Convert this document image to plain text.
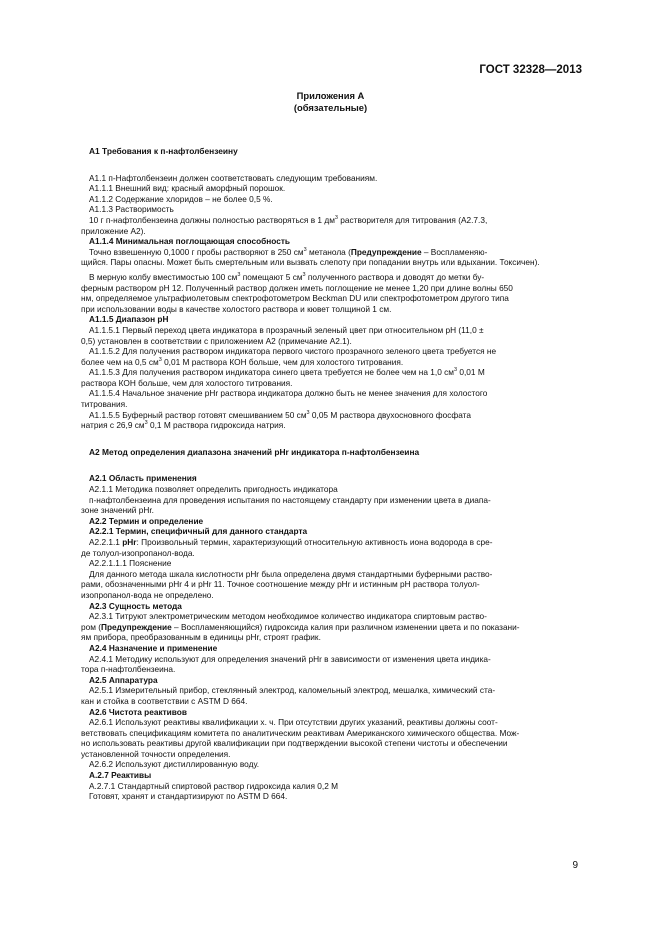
ГОСТ 32328—2013
Приложения А
(обязательные)

А1 Требования к п-нафтолбензеину

А1.1 п-Нафтолбензеин должен соответствовать следующим требованиям.

А1.1.1 Внешний вид: красный аморфный порошок.

А1.1.2 Содержание хлоридов – не более 0,5 %.

А1.1.3 Растворимость

10 г п-нафтолбензеина должны полностью растворяться в 1 $дм^3$ растворителя для титрования (А2.7.3,

приложение А2).

А1.1.4 Минимальная поглощающая способность

Точно взвешенную 0,1000 г пробы растворяют в 250 $см^3$ метанола (Предупреждение – Воспламеняю-

щийся. Пары опасны. Может быть смертельным или вызвать слепоту при попадании внутрь или вдыхании. Токсичен).

В мерную колбу вместимостью 100 $см^3$ помещают 5 $см^3$ полученного раствора и доводят до метки бу-

ферным раствором pH 12. Полученный раствор должен иметь поглощение не менее 1,20 при длине волны 650

нм, определяемое ультрафиолетовым спектрофотометром Beckman DU или спектрофотометром другого типа

при использовании воды в качестве холостого раствора и кювет толщиной 1 см.

А1.1.5 Диапазон pH

А1.1.5.1 Первый переход цвета индикатора в прозрачный зеленый цвет при относительном pH (11,0 ±

0,5) установлен в соответствии с приложением А2 (примечание А2.1).

А1.1.5.2 Для получения раствором индикатора первого чистого прозрачного зеленого цвета требуется не

более чем на 0,5 $см^3$ 0,01 М раствора КОН больше, чем для холостого титрования.

А1.1.5.3 Для получения раствором индикатора синего цвета требуется не более чем на 1,0 $см^3$ 0,01 М

раствора КОН больше, чем для холостого титрования.

А1.1.5.4 Начальное значение pHr раствора индикатора должно быть не менее значения для холостого

титрования.

А1.1.5.5 Буферный раствор готовят смешиванием 50 $см^3$ 0,05 М раствора двухосновного фосфата

натрия с 26,9 $см^3$ 0,1 М раствора гидроксида натрия.

А2 Метод определения диапазона значений pHr индикатора п-нафтолбензеина

А2.1 Область применения

А2.1.1 Методика позволяет определить пригодность индикатора

п-нафтолбензеина для проведения испытания по настоящему стандарту при изменении цвета в диапа-

зоне значений pHr.

А2.2 Термин и определение

А2.2.1 Термин, специфичный для данного стандарта

А2.2.1.1 pHr: Произвольный термин, характеризующий относительную активность иона водорода в сре-

де толуол-изопропанол-вода.

А2.2.1.1.1 Пояснение

Для данного метода шкала кислотности pHr была определена двумя стандартными буферными раство-

рами, обозначенными pHr 4 и pHr 11. Точное соотношение между pHr и истинным pH раствора толуол-

изопропанол-вода не определено.

А2.3 Сущность метода

А2.3.1 Титруют электрометрическим методом необходимое количество индикатора спиртовым раство-

ром (Предупреждение – Воспламеняющийся) гидроксида калия при различном изменении цвета и по показани-

ям прибора, преобразованным в единицы pHr, строят график.

А2.4 Назначение и применение

А2.4.1 Методику используют для определения значений pHr в зависимости от изменения цвета индика-

тора п-нафтолбензеина.

А2.5 Аппаратура

А2.5.1 Измерительный прибор, стеклянный электрод, каломельный электрод, мешалка, химический ста-

кан и стойка в соответствии с ASTM D 664.

А2.6 Чистота реактивов

А2.6.1 Используют реактивы квалификации х. ч. При отсутствии других указаний, реактивы должны соот-

ветствовать спецификациям комитета по аналитическим реактивам Американского химического общества. Мож-

но использовать реактивы другой квалификации при подтверждении высокой степени чистоты и обеспечении

установленной точности определения.

А2.6.2 Используют дистиллированную воду.

А.2.7 Реактивы

А.2.7.1 Стандартный спиртовой раствор гидроксида калия 0,2 М

Готовят, хранят и стандартизируют по ASTM D 664.

9
